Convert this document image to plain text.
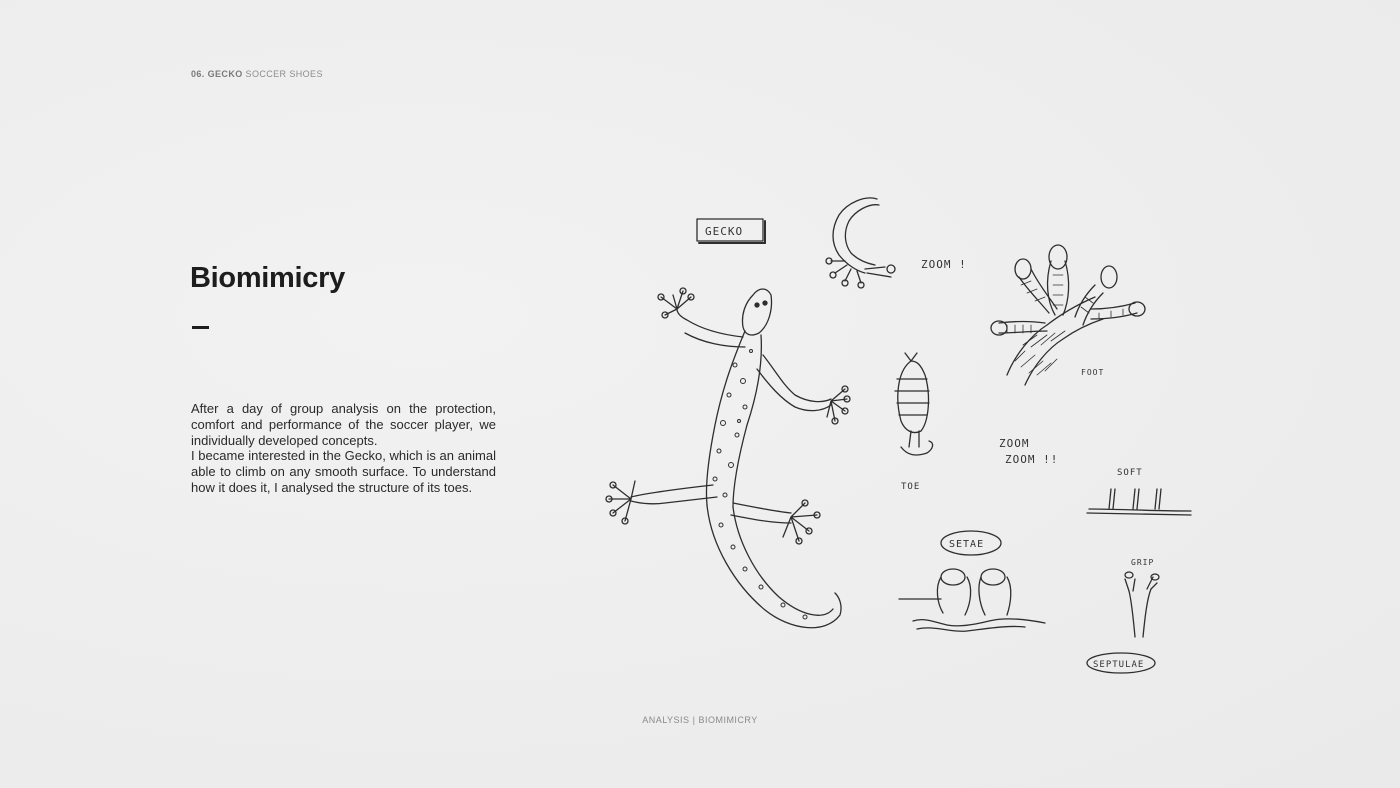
06. GECKO SOCCER SHOES
Biomimicry

After a day of group analysis on the protection, comfort and performance of the soccer player, we individually developed concepts.

I became interested in the Gecko, which is an animal able to climb on any smooth surface. To understand how it does it, I analysed the structure of its toes.

GECKO
ZOOM !
FOOT
ZOOM
ZOOM !!
TOE
SOFT
SETAE
GRIP
SEPTULAE
ANALYSIS | BIOMIMICRY
